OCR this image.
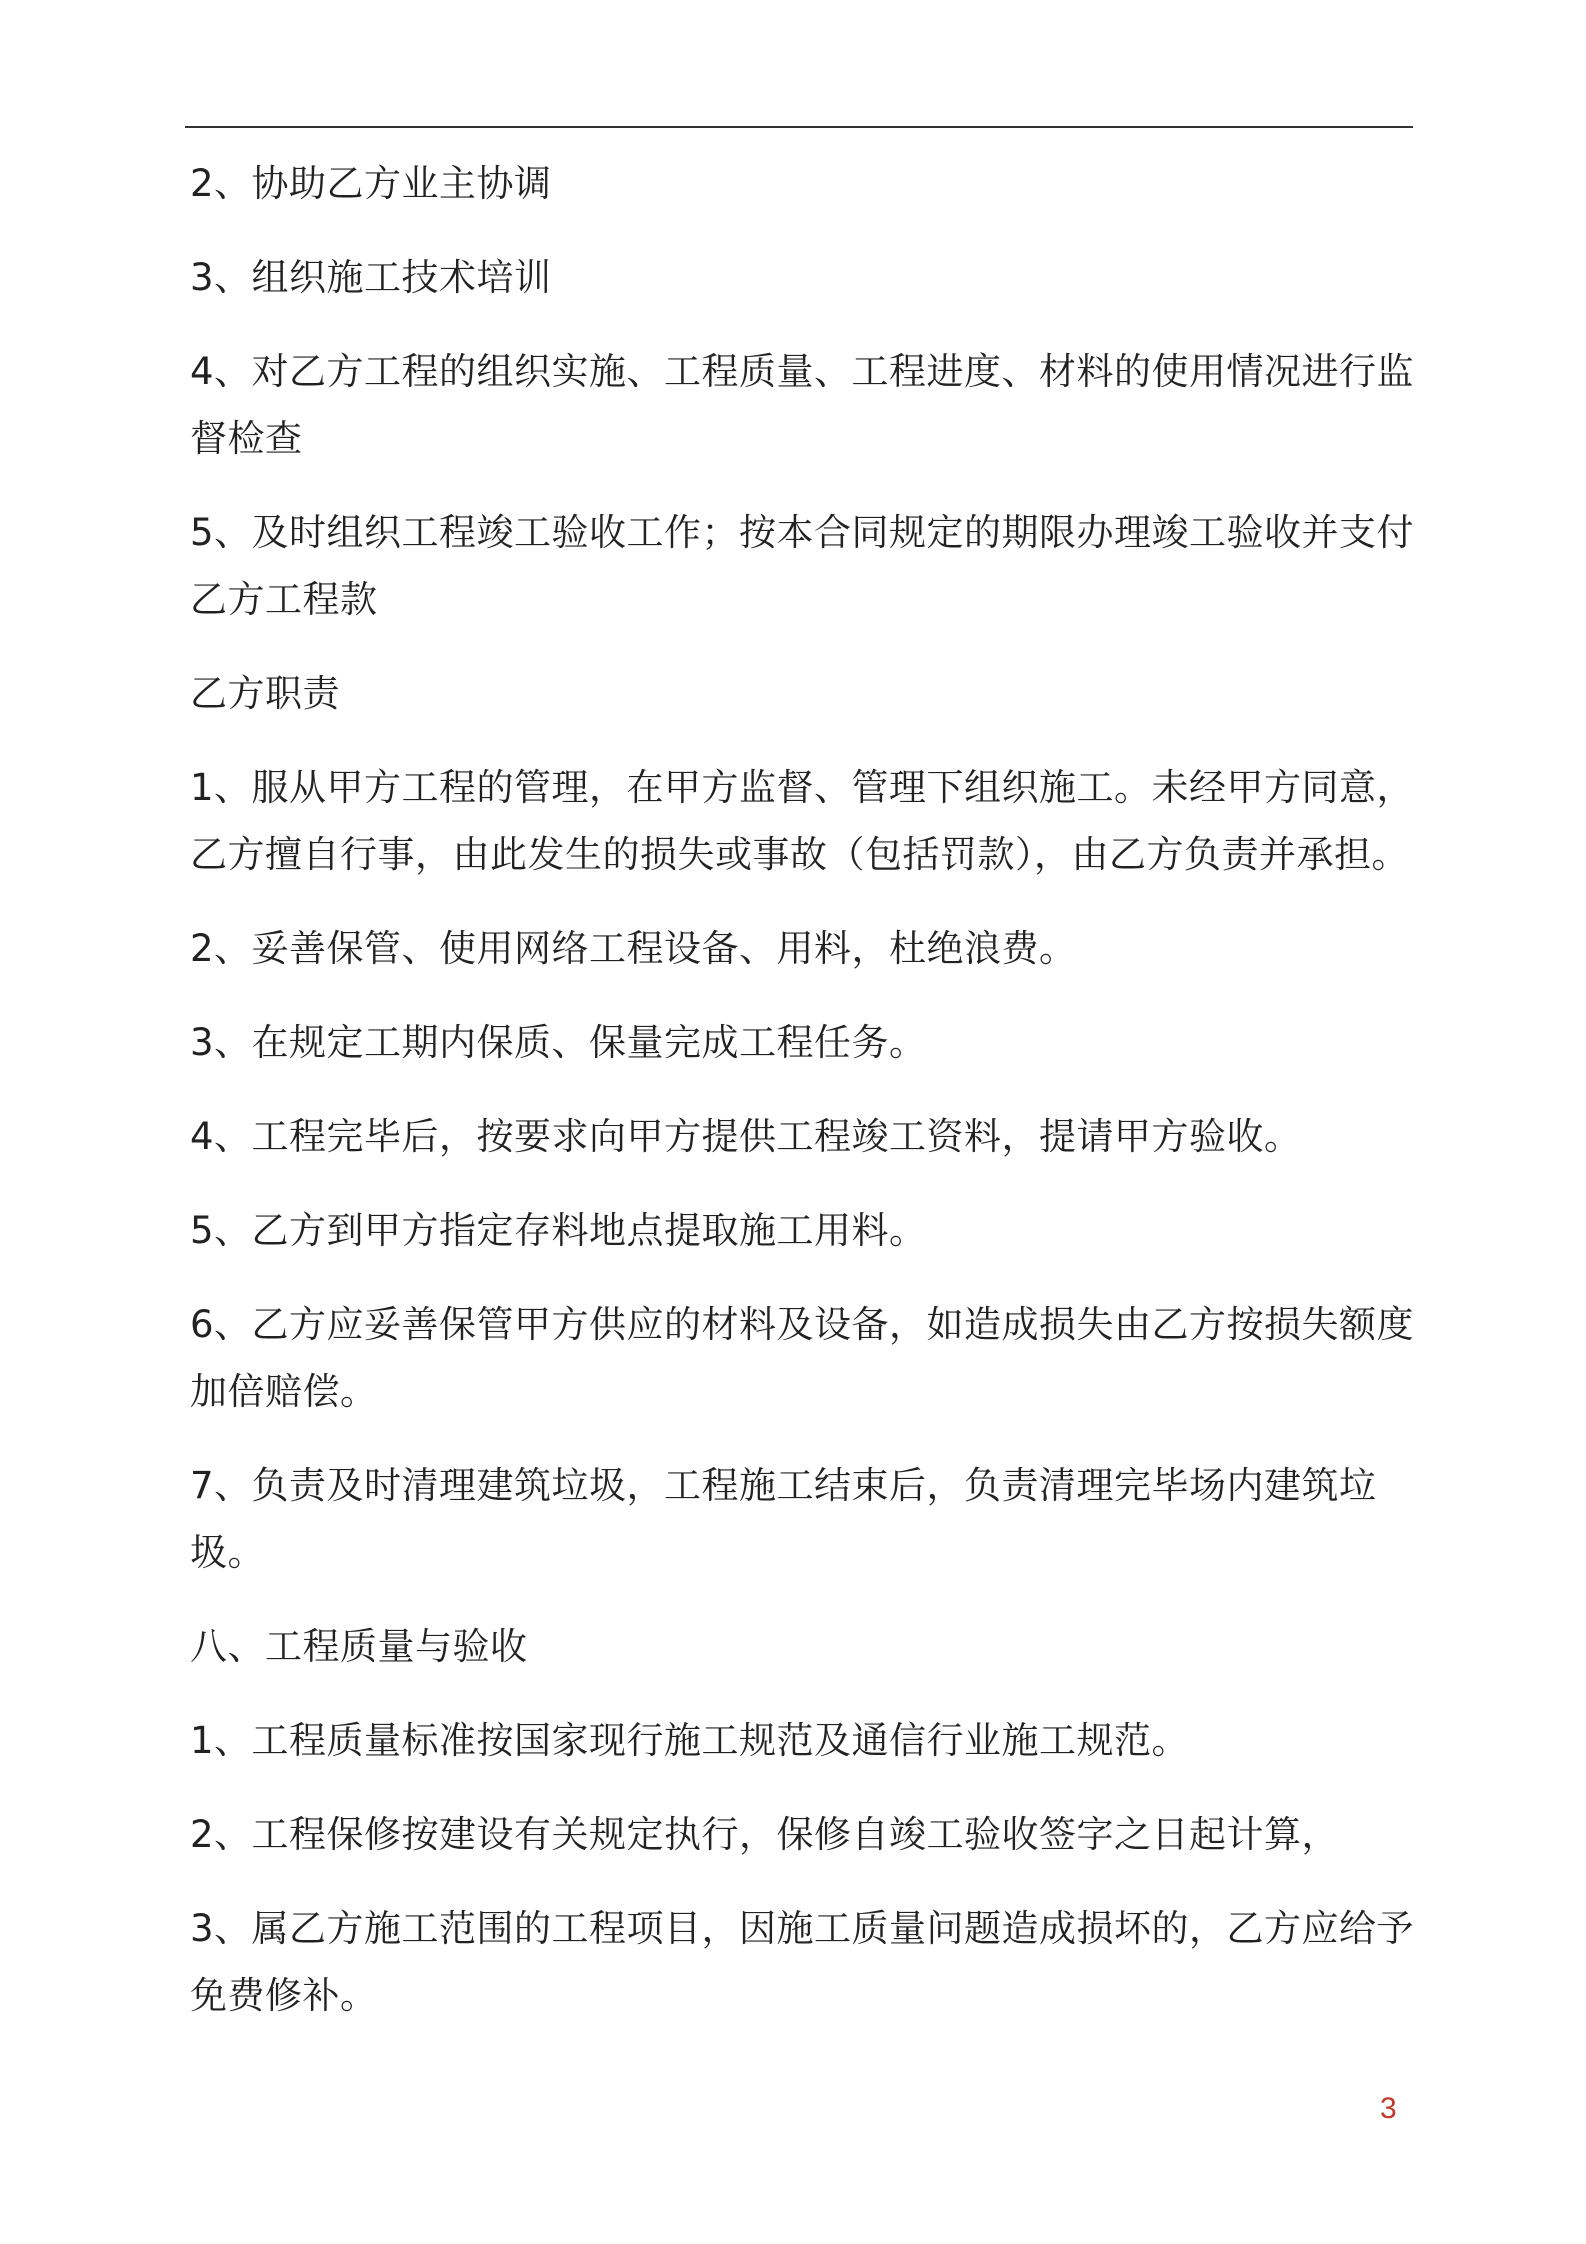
2、协助乙方业主协调

3、组织施工技术培训

4、对乙方工程的组织实施、工程质量、工程进度、材料的使用情况进行监督检查

5、及时组织工程竣工验收工作；按本合同规定的期限办理竣工验收并支付乙方工程款

乙方职责

1、服从甲方工程的管理，在甲方监督、管理下组织施工。未经甲方同意，乙方擅自行事，由此发生的损失或事故（包括罚款），由乙方负责并承担。

2、妥善保管、使用网络工程设备、用料，杜绝浪费。

3、在规定工期内保质、保量完成工程任务。

4、工程完毕后，按要求向甲方提供工程竣工资料，提请甲方验收。

5、乙方到甲方指定存料地点提取施工用料。

6、乙方应妥善保管甲方供应的材料及设备，如造成损失由乙方按损失额度加倍赔偿。

7、负责及时清理建筑垃圾，工程施工结束后，负责清理完毕场内建筑垃圾。

八、工程质量与验收

1、工程质量标准按国家现行施工规范及通信行业施工规范。

2、工程保修按建设有关规定执行，保修自竣工验收签字之日起计算，

3、属乙方施工范围的工程项目，因施工质量问题造成损坏的，乙方应给予免费修补。

3
